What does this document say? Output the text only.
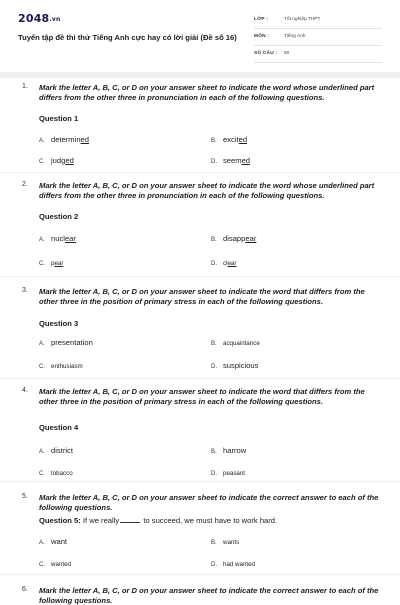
2048.vn
Tuyển tập đề thi thử Tiếng Anh cực hay có lời giải (Đề số 16)
LỚP :	Tốt nghiệp THPT
MÔN :	Tiếng Anh
SỐ CÂU : 50
1. Mark the letter A, B, C, or D on your answer sheet to indicate the word whose underlined part differs from the other three in pronunciation in each of the following questions.
Question 1
A. determined	B. excited
C. judged	D. seemed
2. Mark the letter A, B, C, or D on your answer sheet to indicate the word whose underlined part differs from the other three in pronunciation in each of the following questions.
Question 2
A. nuclear	B. disappear
C. pear	D. clear
3. Mark the letter A, B, C, or D on your answer sheet to indicate the word that differs from the other three in the position of primary stress in each of the following questions.
Question 3
A. presentation	B. acquaintance
C. enthusiasm	D. suspicious
4. Mark the letter A, B, C, or D on your answer sheet to indicate the word that differs from the other three in the position of primary stress in each of the following questions.
Question 4
A. district	B. harrow
C. tobacco	D. peasant
5. Mark the letter A, B, C, or D on your answer sheet to indicate the correct answer to each of the following questions.
Question 5: If we really	to succeed, we must have to work hard.
A. want	B. wants
C. wanted	D. had wanted
6. Mark the letter A, B, C, or D on your answer sheet to indicate the correct answer to each of the following questions.
